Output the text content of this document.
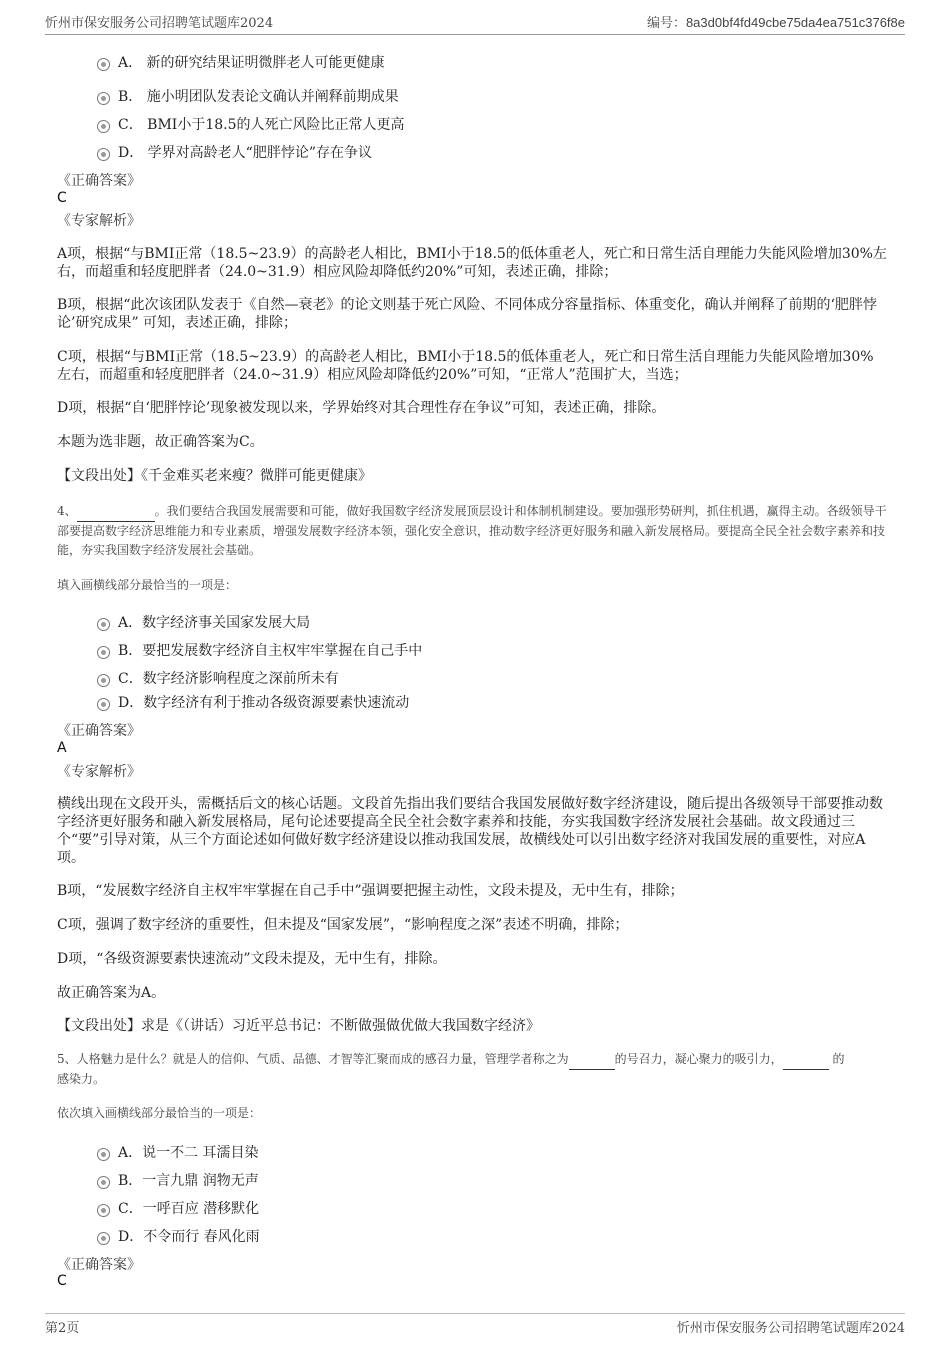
忻州市保安服务公司招聘笔试题库2024	编号：8a3d0bf4fd49cbe75da4ea751c376f8e
A． 新的研究结果证明微胖老人可能更健康
B． 施小明团队发表论文确认并阐释前期成果
C． BMI小于18.5的人死亡风险比正常人更高
D． 学界对高龄老人“肥胖悖论”存在争议
《正确答案》
C
《专家解析》
A项，根据“与BMI正常（18.5~23.9）的高龄老人相比，BMI小于18.5的低体重老人，死亡和日常生活自理能力失能风险增加30%左右，而超重和轻度肥胖者（24.0~31.9）相应风险却降低约20%”可知，表述正确，排除；
B项，根据“此次该团队发表于《自然—衰老》的论文则基于死亡风险、不同体成分容量指标、体重变化，确认并阐释了前期的‘肥胖悖论’研究成果” 可知，表述正确，排除；
C项，根据“与BMI正常（18.5~23.9）的高龄老人相比，BMI小于18.5的低体重老人，死亡和日常生活自理能力失能风险增加30%左右，而超重和轻度肥胖者（24.0~31.9）相应风险却降低约20%”可知，“正常人”范围扩大，当选；
D项，根据“自‘肥胖悖论’现象被发现以来，学界始终对其合理性存在争议”可知，表述正确，排除。
本题为选非题，故正确答案为C。
【文段出处】《千金难买老来瘦？微胖可能更健康》
4、	。我们要结合我国发展需要和可能，做好我国数字经济发展顶层设计和体制机制建设。要加强形势研判，抓住机遇，赢得主动。各级领导干部要提高数字经济思维能力和专业素质，增强发展数字经济本领，强化安全意识，推动数字经济更好服务和融入新发展格局。要提高全民全社会数字素养和技能，夯实我国数字经济发展社会基础。
填入画横线部分最恰当的一项是：
A．数字经济事关国家发展大局
B．要把发展数字经济自主权牢牢掌握在自己手中
C．数字经济影响程度之深前所未有
D．数字经济有利于推动各级资源要素快速流动
《正确答案》
A
《专家解析》
横线出现在文段开头，需概括后文的核心话题。文段首先指出我们要结合我国发展做好数字经济建设，随后提出各级领导干部要推动数字经济更好服务和融入新发展格局，尾句论述要提高全民全社会数字素养和技能，夯实我国数字经济发展社会基础。故文段通过三个“要”引导对策，从三个方面论述如何做好数字经济建设以推动我国发展，故横线处可以引出数字经济对我国发展的重要性，对应A项。
B项，“发展数字经济自主权牢牢掌握在自己手中”强调要把握主动性，文段未提及，无中生有，排除；
C项，强调了数字经济的重要性，但未提及“国家发展”，“影响程度之深”表述不明确，排除；
D项，“各级资源要素快速流动”文段未提及，无中生有，排除。
故正确答案为A。
【文段出处】求是《（讲话）习近平总书记：不断做强做优做大我国数字经济》
5、人格魅力是什么？就是人的信仰、气质、品德、才智等汇聚而成的感召力量，管理学者称之为	的号召力，凝心聚力的吸引力，	的感染力。
依次填入画横线部分最恰当的一项是：
A．说一不二 耳濡目染
B．一言九鼎 润物无声
C．一呼百应 潜移默化
D．不令而行 春风化雨
《正确答案》
C
第2页	忻州市保安服务公司招聘笔试题库2024
